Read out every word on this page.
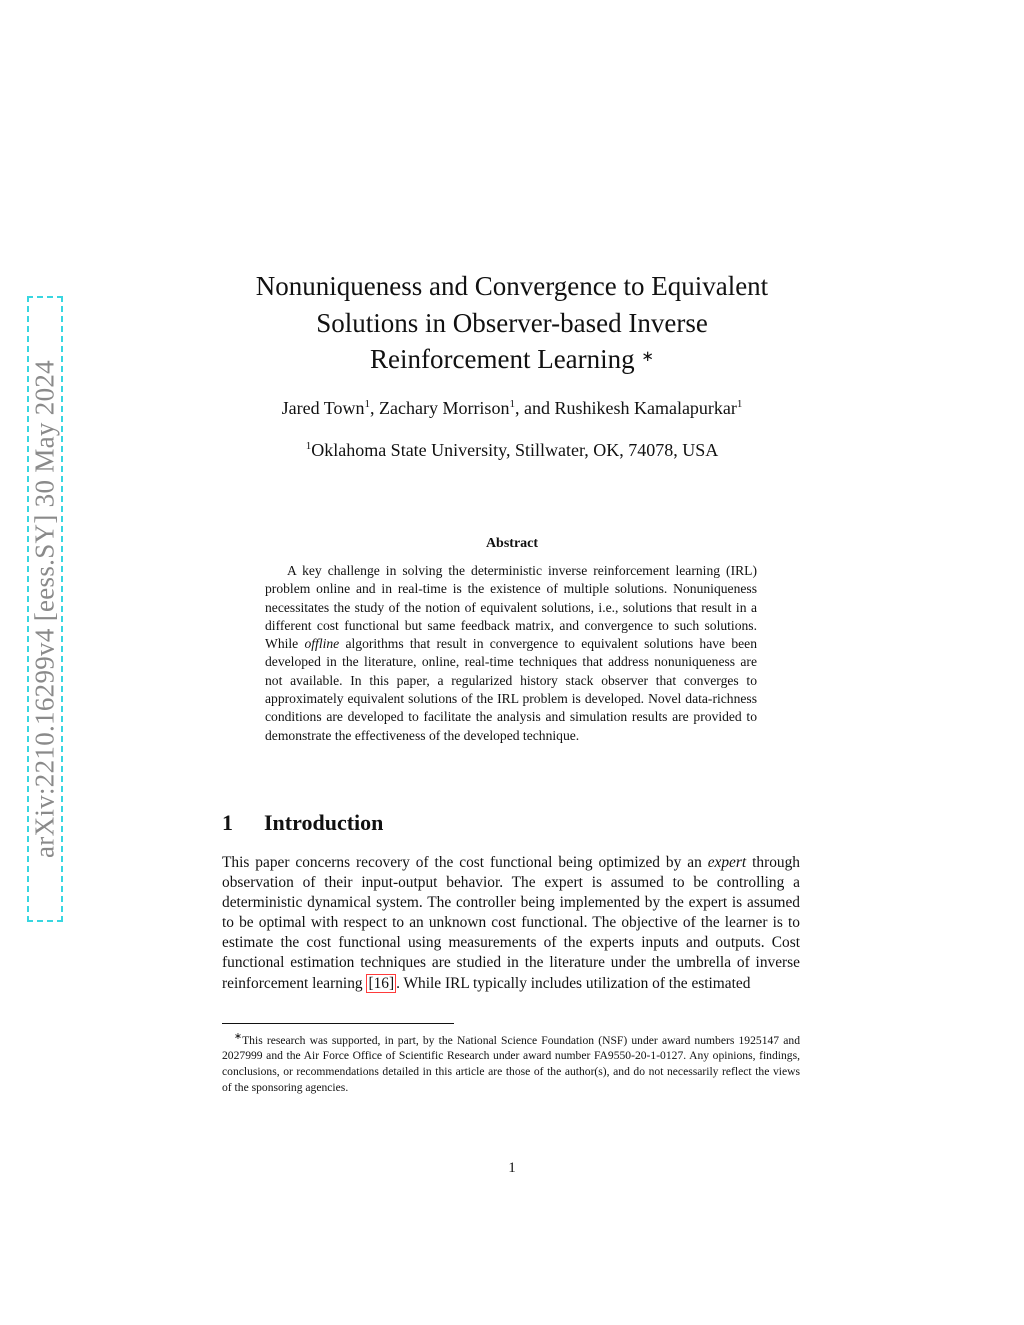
arXiv:2210.16299v4 [eess.SY] 30 May 2024
Nonuniqueness and Convergence to Equivalent
Solutions in Observer-based Inverse
Reinforcement Learning ∗
Jared Town$^1$, Zachary Morrison$^1$, and Rushikesh Kamalapurkar$^1$
$^1$Oklahoma State University, Stillwater, OK, 74078, USA
Abstract
A key challenge in solving the deterministic inverse reinforcement learning (IRL) problem online and in real-time is the existence of multiple solutions. Nonuniqueness necessitates the study of the notion of equivalent solutions, i.e., solutions that result in a different cost functional but same feedback matrix, and convergence to such solutions. While offline algorithms that result in convergence to equivalent solutions have been developed in the literature, online, real-time techniques that address nonuniqueness are not available. In this paper, a regularized history stack observer that converges to approximately equivalent solutions of the IRL problem is developed. Novel data-richness conditions are developed to facilitate the analysis and simulation results are provided to demonstrate the effectiveness of the developed technique.
1 Introduction
This paper concerns recovery of the cost functional being optimized by an expert through observation of their input-output behavior. The expert is assumed to be controlling a deterministic dynamical system. The controller being implemented by the expert is assumed to be optimal with respect to an unknown cost functional. The objective of the learner is to estimate the cost functional using measurements of the experts inputs and outputs. Cost functional estimation techniques are studied in the literature under the umbrella of inverse reinforcement learning [16] . While IRL typically includes utilization of the estimated
∗This research was supported, in part, by the National Science Foundation (NSF) under award numbers 1925147 and 2027999 and the Air Force Office of Scientific Research under award number FA9550-20-1-0127. Any opinions, findings, conclusions, or recommendations detailed in this article are those of the author(s), and do not necessarily reflect the views of the sponsoring agencies.
1
